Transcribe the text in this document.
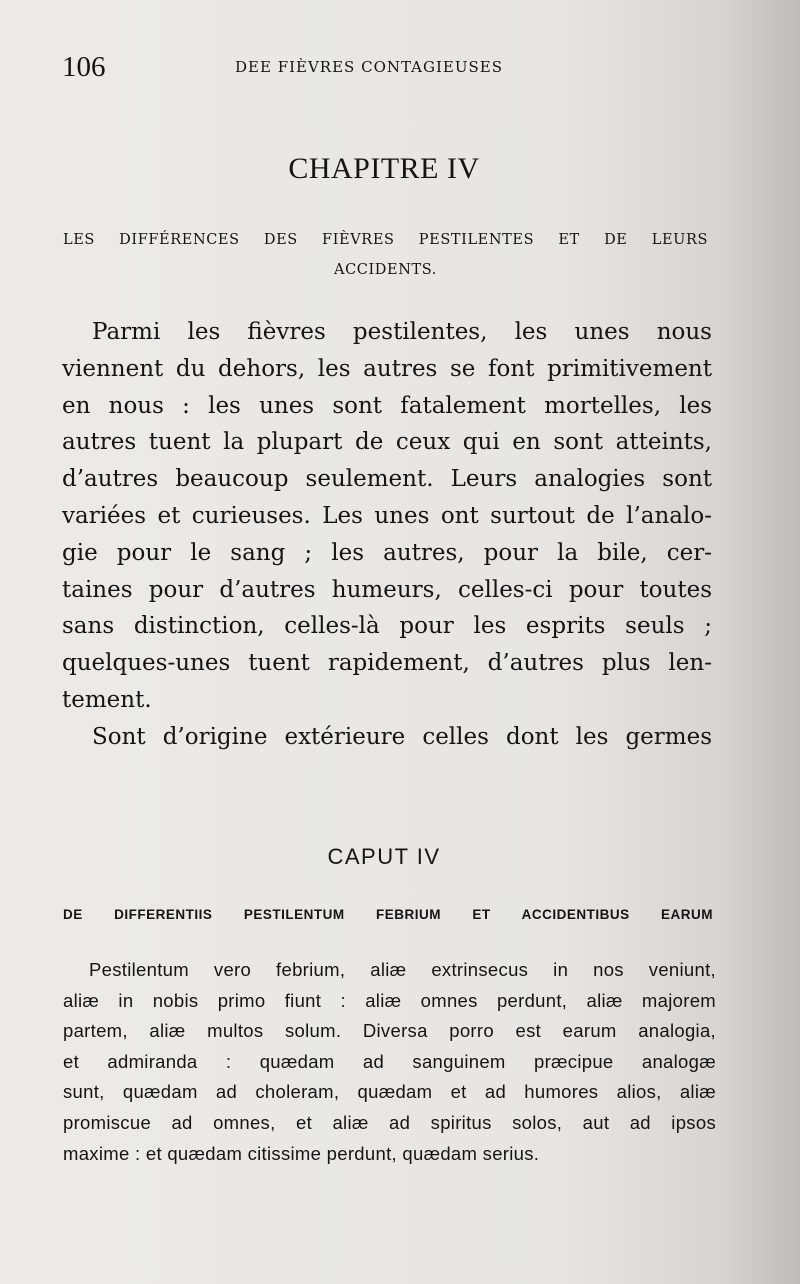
106	DEE FIÈVRES CONTAGIEUSES
CHAPITRE IV
LES DIFFÉRENCES DES FIÈVRES PESTILENTES ET DE LEURS
ACCIDENTS.
Parmi les fièvres pestilentes, les unes nous
viennent du dehors, les autres se font primitivement
en nous : les unes sont fatalement mortelles, les
autres tuent la plupart de ceux qui en sont atteints,
d’autres beaucoup seulement. Leurs analogies sont
variées et curieuses. Les unes ont surtout de l’analo-
gie pour le sang ; les autres, pour la bile, cer-
taines pour d’autres humeurs, celles-ci pour toutes
sans distinction, celles-là pour les esprits seuls ;
quelques-unes tuent rapidement, d’autres plus len-
tement.
Sont d’origine extérieure celles dont les germes
CAPUT IV
DE DIFFERENTIIS PESTILENTUM FEBRIUM ET ACCIDENTIBUS EARUM
Pestilentum vero febrium, aliæ extrinsecus in nos veniunt,
aliæ in nobis primo fiunt : aliæ omnes perdunt, aliæ majorem
partem, aliæ multos solum. Diversa porro est earum analogia,
et admiranda : quædam ad sanguinem præcipue analogæ
sunt, quædam ad choleram, quædam et ad humores alios, aliæ
promiscue ad omnes, et aliæ ad spiritus solos, aut ad ipsos
maxime : et quædam citissime perdunt, quædam serius.
